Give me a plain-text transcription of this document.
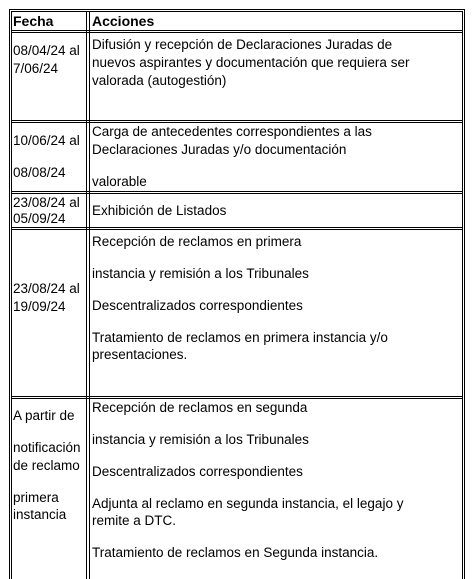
Fecha	Acciones
08/04/24 al
7/06/24
Difusión y recepción de Declaraciones Juradas de
nuevos aspirantes y documentación que requiera ser
valorada (autogestión)
10/06/24 al
08/08/24
Carga de antecedentes correspondientes a las
Declaraciones Juradas y/o documentación
valorable
23/08/24 al
05/09/24
Exhibición de Listados
23/08/24 al
19/09/24
Recepción de reclamos en primera
instancia y remisión a los Tribunales
Descentralizados correspondientes
Tratamiento de reclamos en primera instancia y/o
presentaciones.
A partir de
notificación
de reclamo
primera
instancia
Recepción de reclamos en segunda
instancia y remisión a los Tribunales
Descentralizados correspondientes
Adjunta al reclamo en segunda instancia, el legajo y
remite a DTC.
Tratamiento de reclamos en Segunda instancia.
